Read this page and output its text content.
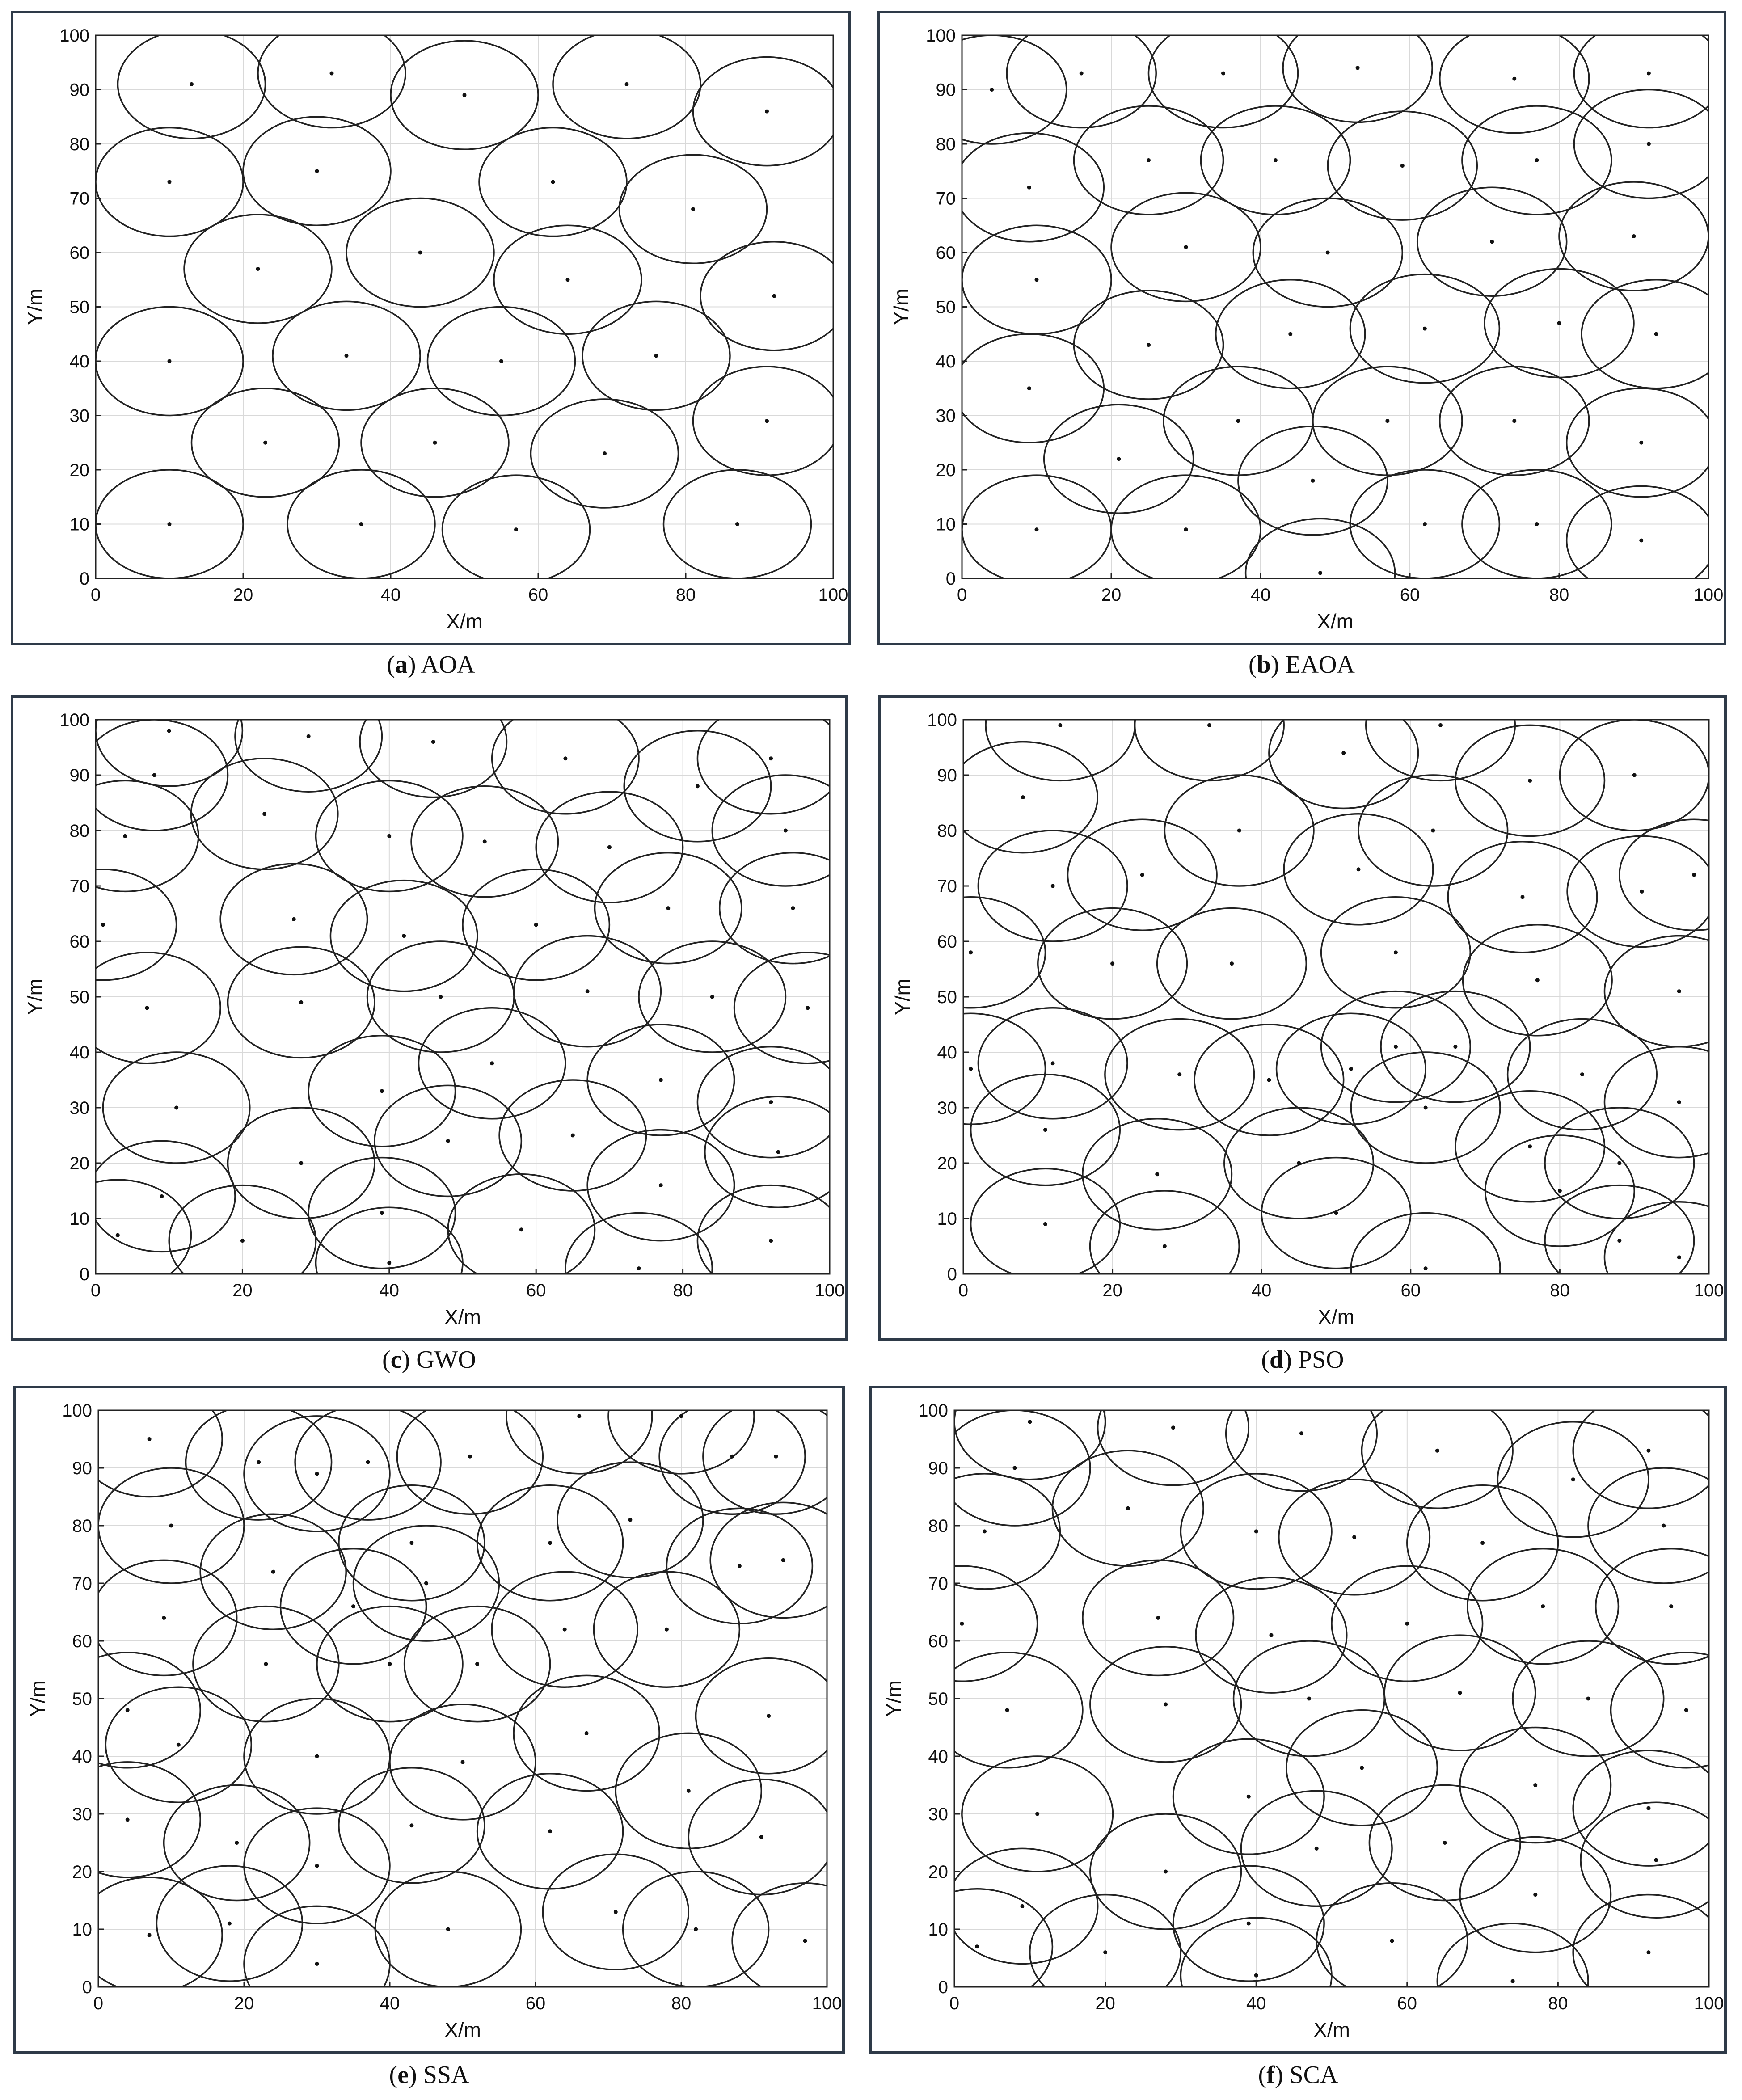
0	20	40	60	80	100
0
10
20
30
40
50
60
70
80
90
100
X/m
Y/m
(a) AOA
0	20	40	60	80	100
0
10
20
30
40
50
60
70
80
90
100
X/m
Y/m
(b) EAOA
0	20	40	60	80	100
0
10
20
30
40
50
60
70
80
90
100
X/m
Y/m
(c) GWO
0	20	40	60	80	100
0
10
20
30
40
50
60
70
80
90
100
X/m
Y/m
(d) PSO
0	20	40	60	80	100
0
10
20
30
40
50
60
70
80
90
100
X/m
Y/m
(e) SSA
0	20	40	60	80	100
0
10
20
30
40
50
60
70
80
90
100
X/m
Y/m
(f) SCA
